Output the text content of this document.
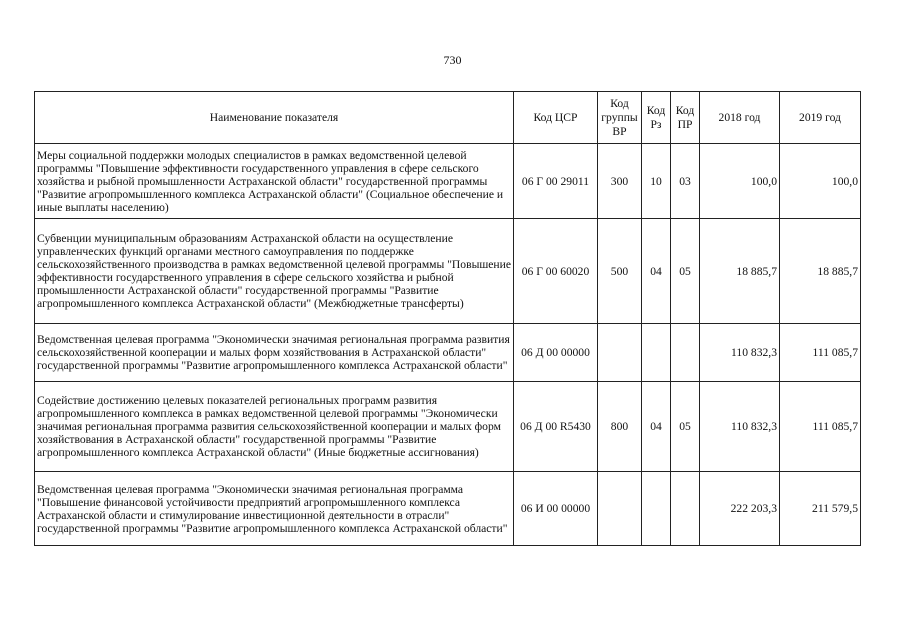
730
Наименование показателя	Код ЦСР	Код группы ВР	Код Рз	Код ПР	2018 год	2019 год
Меры социальной поддержки молодых специалистов в рамках ведомственной целевой программы "Повышение эффективности государственного управления в сфере сельского хозяйства и рыбной промышленности Астраханской области" государственной программы "Развитие агропромышленного комплекса Астраханской области" (Социальное обеспечение и иные выплаты населению)	06 Г 00 29011	300	10	03	100,0	100,0
Субвенции муниципальным образованиям Астраханской области на осуществление управленческих функций органами местного самоуправления по поддержке сельскохозяйственного производства в рамках ведомственной целевой программы "Повышение эффективности государственного управления в сфере сельского хозяйства и рыбной промышленности Астраханской области" государственной программы "Развитие агропромышленного комплекса Астраханской области" (Межбюджетные трансферты)	06 Г 00 60020	500	04	05	18 885,7	18 885,7
Ведомственная целевая программа "Экономически значимая региональная программа развития сельскохозяйственной кооперации и малых форм хозяйствования в Астраханской области" государственной программы "Развитие агропромышленного комплекса Астраханской области"	06 Д 00 00000				110 832,3	111 085,7
Содействие достижению целевых показателей региональных программ развития агропромышленного комплекса в рамках ведомственной целевой программы "Экономически значимая региональная программа развития сельскохозяйственной кооперации и малых форм хозяйствования в Астраханской области" государственной программы "Развитие агропромышленного комплекса Астраханской области" (Иные бюджетные ассигнования)	06 Д 00 R5430	800	04	05	110 832,3	111 085,7
Ведомственная целевая программа "Экономически значимая региональная программа "Повышение финансовой устойчивости предприятий агропромышленного комплекса Астраханской области и стимулирование инвестиционной деятельности в отрасли" государственной программы "Развитие агропромышленного комплекса Астраханской области"	06 И 00 00000				222 203,3	211 579,5
